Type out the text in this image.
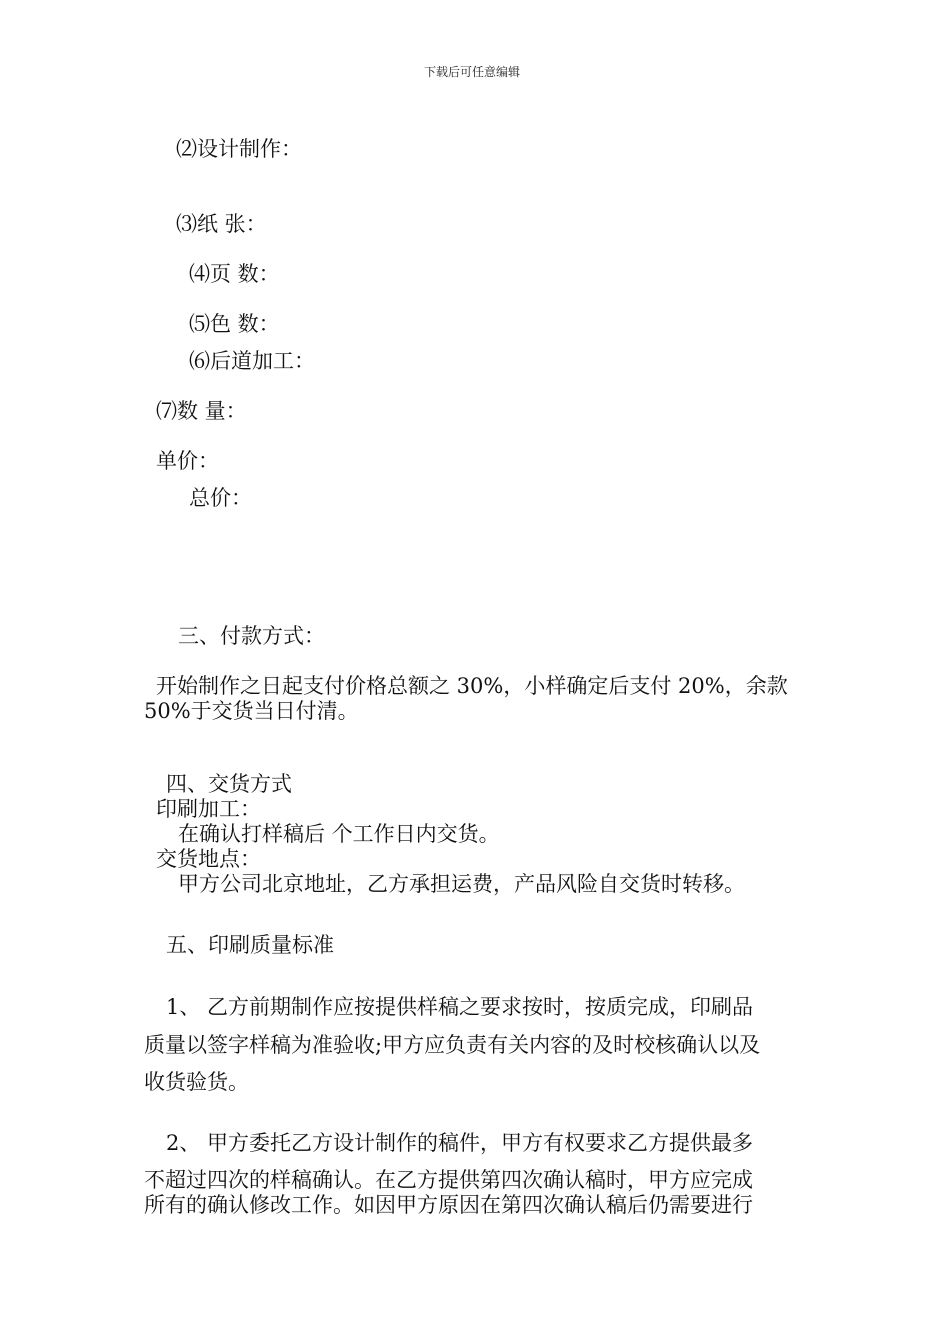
下载后可任意编辑
⑵设计制作：
⑶纸 张：
⑷页 数：
⑸色 数：
⑹后道加工：
⑺数 量：
单价：
总价：
三、付款方式：
开始制作之日起支付价格总额之 30%，小样确定后支付 20%，余款
50%于交货当日付清。
四、交货方式
印刷加工：
在确认打样稿后 个工作日内交货。
交货地点：
甲方公司北京地址，乙方承担运费，产品风险自交货时转移。
五、印刷质量标准
1、 乙方前期制作应按提供样稿之要求按时，按质完成，印刷品
质量以签字样稿为准验收;甲方应负责有关内容的及时校核确认以及
收货验货。
2、 甲方委托乙方设计制作的稿件，甲方有权要求乙方提供最多
不超过四次的样稿确认。在乙方提供第四次确认稿时，甲方应完成
所有的确认修改工作。如因甲方原因在第四次确认稿后仍需要进行
